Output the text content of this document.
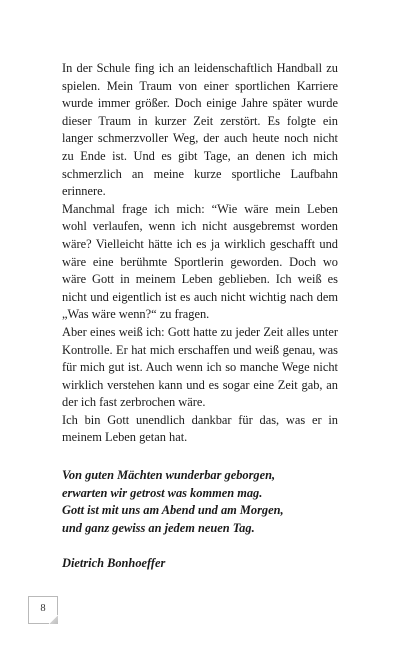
In der Schule fing ich an leidenschaftlich Handball zu spielen. Mein Traum von einer sportlichen Karriere wurde immer größer. Doch einige Jahre später wurde dieser Traum in kurzer Zeit zerstört. Es folgte ein langer schmerzvoller Weg, der auch heute noch nicht zu Ende ist. Und es gibt Tage, an denen ich mich schmerzlich an meine kurze sportliche Laufbahn erinnere.

Manchmal frage ich mich: “Wie wäre mein Leben wohl verlaufen, wenn ich nicht ausgebremst worden wäre? Vielleicht hätte ich es ja wirklich geschafft und wäre eine berühmte Sportlerin geworden. Doch wo wäre Gott in meinem Leben geblieben. Ich weiß es nicht und eigentlich ist es auch nicht wichtig nach dem „Was wäre wenn?“ zu fragen.

Aber eines weiß ich: Gott hatte zu jeder Zeit alles unter Kontrolle. Er hat mich erschaffen und weiß genau, was für mich gut ist. Auch wenn ich so manche Wege nicht wirklich verstehen kann und es sogar eine Zeit gab, an der ich fast zerbrochen wäre.

Ich bin Gott unendlich dankbar für das, was er in meinem Leben getan hat.

Von guten Mächten wunderbar geborgen,
erwarten wir getrost was kommen mag.
Gott ist mit uns am Abend und am Morgen,
und ganz gewiss an jedem neuen Tag.
Dietrich Bonhoeffer
8
